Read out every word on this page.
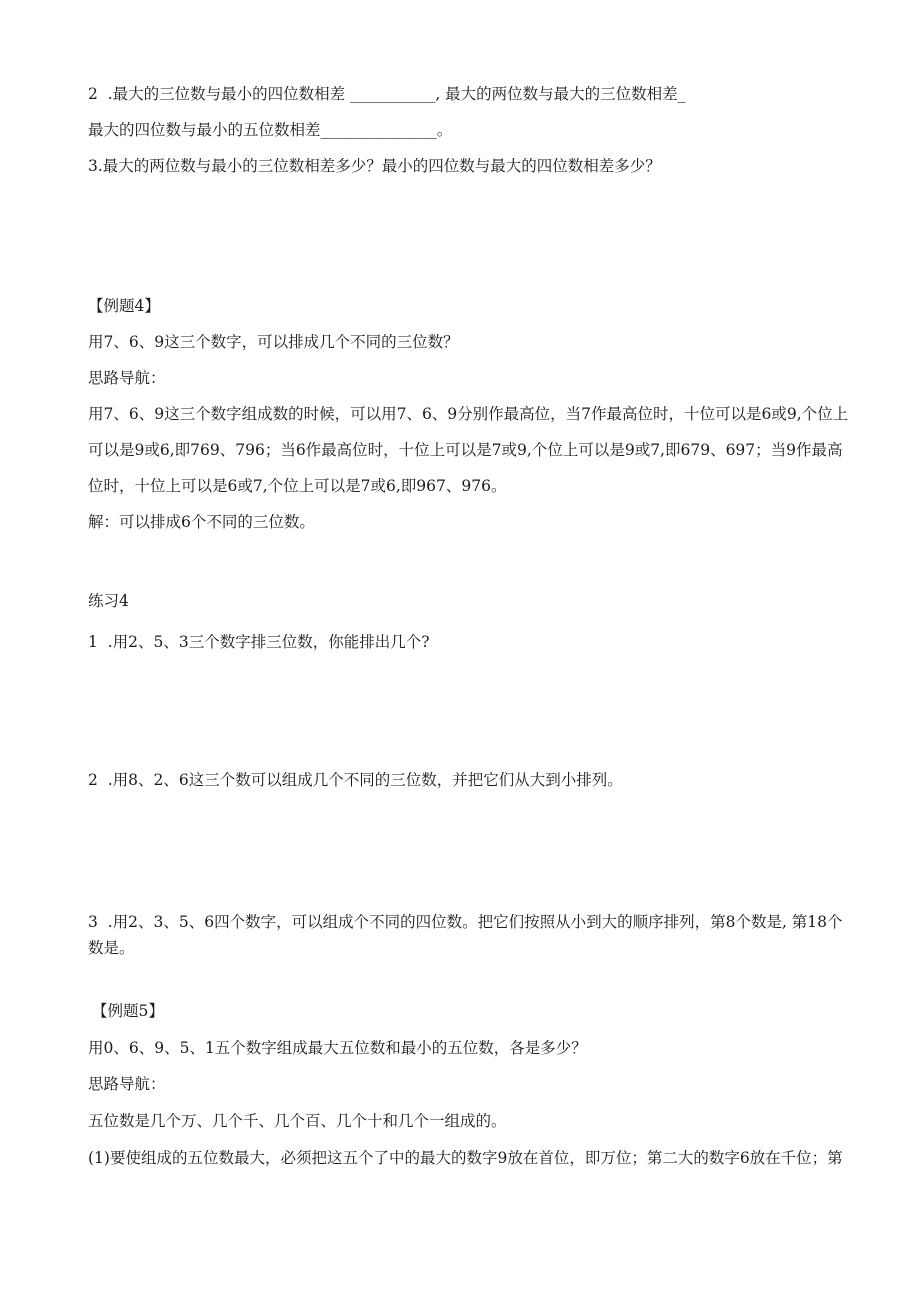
2  .最大的三位数与最小的四位数相差 ___________, 最大的两位数与最大的三位数相差_
最大的四位数与最小的五位数相差_______________。
3.最大的两位数与最小的三位数相差多少？最小的四位数与最大的四位数相差多少？
【例题4】
用7、6、9这三个数字，可以排成几个不同的三位数？
思路导航：
用7、6、9这三个数字组成数的时候，可以用7、6、9分别作最高位，当7作最高位时，十位可以是6或9,个位上
可以是9或6,即769、796；当6作最高位时，十位上可以是7或9,个位上可以是9或7,即679、697；当9作最高
位时，十位上可以是6或7,个位上可以是7或6,即967、976。
解：可以排成6个不同的三位数。
练习4
1  .用2、5、3三个数字排三位数，你能排出几个?
2  .用8、2、6这三个数可以组成几个不同的三位数，并把它们从大到小排列。
3  .用2、3、5、6四个数字，可以组成个不同的四位数。把它们按照从小到大的顺序排列，第8个数是, 第18个
数是。
【例题5】
用0、6、9、5、1五个数字组成最大五位数和最小的五位数，各是多少？
思路导航：
五位数是几个万、几个千、几个百、几个十和几个一组成的。
(1)要使组成的五位数最大，必须把这五个了中的最大的数字9放在首位，即万位；第二大的数字6放在千位；第
